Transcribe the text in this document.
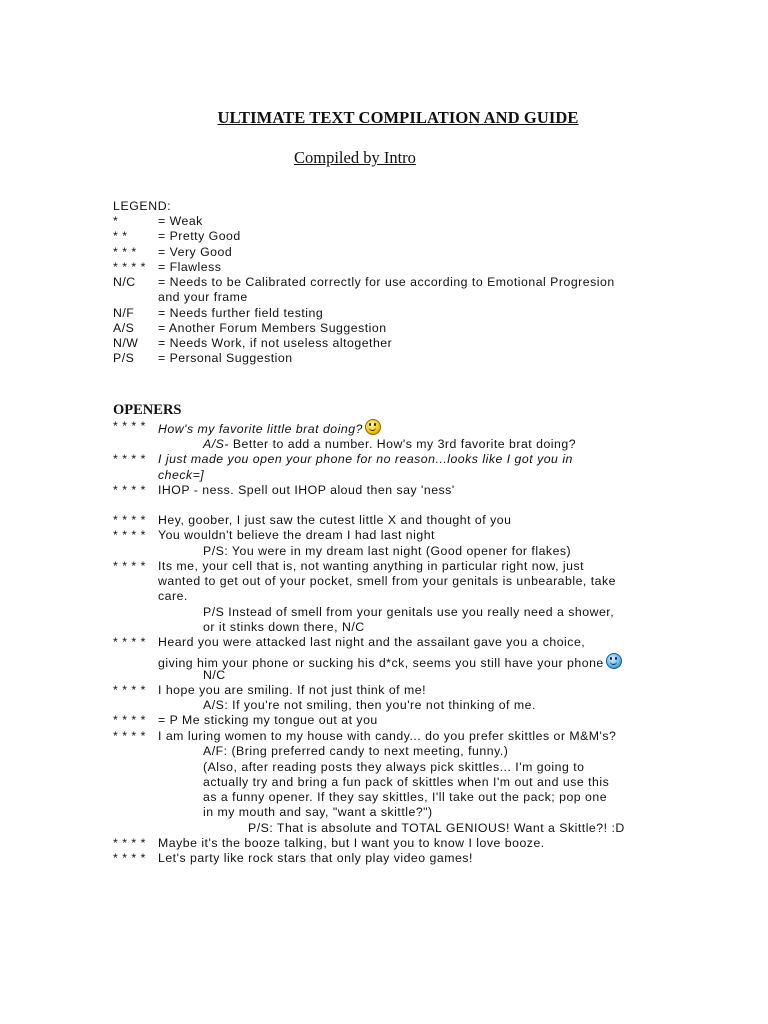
ULTIMATE TEXT COMPILATION AND GUIDE
Compiled by Intro
LEGEND:
*	= Weak
* * = Pretty Good
* * * = Very Good
* * * * = Flawless
N/C = Needs to be Calibrated correctly for use according to Emotional Progresion
and your frame
N/F = Needs further field testing
A/S = Another Forum Members Suggestion
N/W = Needs Work, if not useless altogether
P/S = Personal Suggestion
OPENERS
* * * * How's my favorite little brat doing?
A/S- Better to add a number. How's my 3rd favorite brat doing?
* * * * I just made you open your phone for no reason...looks like I got you in
check=]
* * * * IHOP - ness. Spell out IHOP aloud then say 'ness'
* * * * Hey, goober, I just saw the cutest little X and thought of you
* * * * You wouldn't believe the dream I had last night
P/S: You were in my dream last night (Good opener for flakes)
* * * * Its me, your cell that is, not wanting anything in particular right now, just
wanted to get out of your pocket, smell from your genitals is unbearable, take
care.
P/S Instead of smell from your genitals use you really need a shower,
or it stinks down there, N/C
* * * * Heard you were attacked last night and the assailant gave you a choice,
giving him your phone or sucking his d*ck, seems you still have your phone
N/C
* * * * I hope you are smiling. If not just think of me!
A/S: If you're not smiling, then you're not thinking of me.
* * * * = P Me sticking my tongue out at you
* * * * I am luring women to my house with candy... do you prefer skittles or M&M's?
A/F: (Bring preferred candy to next meeting, funny.)
(Also, after reading posts they always pick skittles... I'm going to
actually try and bring a fun pack of skittles when I'm out and use this
as a funny opener. If they say skittles, I'll take out the pack; pop one
in my mouth and say, "want a skittle?")
P/S: That is absolute and TOTAL GENIOUS! Want a Skittle?! :D
* * * * Maybe it's the booze talking, but I want you to know I love booze.
* * * * Let's party like rock stars that only play video games!
